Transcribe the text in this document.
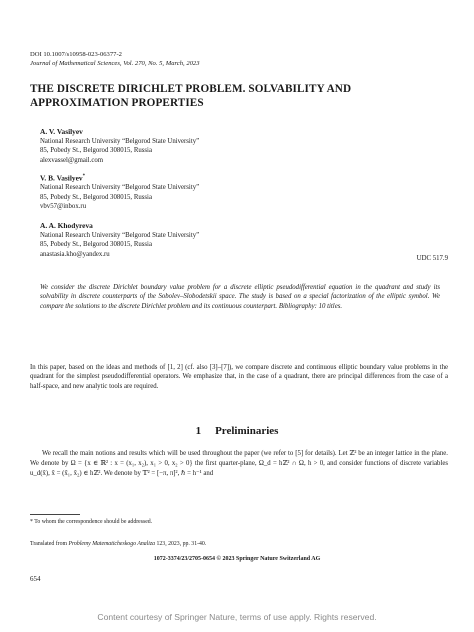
DOI 10.1007/s10958-023-06377-2
Journal of Mathematical Sciences, Vol. 270, No. 5, March, 2023
THE DISCRETE DIRICHLET PROBLEM. SOLVABILITY AND APPROXIMATION PROPERTIES
A. V. Vasilyev
National Research University “Belgorod State University”
85, Pobedy St., Belgorod 308015, Russia
alexvassel@gmail.com
V. B. Vasilyev*
National Research University “Belgorod State University”
85, Pobedy St., Belgorod 308015, Russia
vbv57@inbox.ru
A. A. Khodyreva
National Research University “Belgorod State University”
85, Pobedy St., Belgorod 308015, Russia
anastasia.kho@yandex.ru
UDC 517.9
We consider the discrete Dirichlet boundary value problem for a discrete elliptic pseudodifferential equation in the quadrant and study its solvability in discrete counterparts of the Sobolev–Slobodetskii space. The study is based on a special factorization of the elliptic symbol. We compare the solutions to the discrete Dirichlet problem and its continuous counterpart. Bibliography: 10 titles.
In this paper, based on the ideas and methods of [1, 2] (cf. also [3]–[7]), we compare discrete and continuous elliptic boundary value problems in the quadrant for the simplest pseudodifferential operators. We emphasize that, in the case of a quadrant, there are principal differences from the case of a half-space, and new analytic tools are required.
1 Preliminaries
We recall the main notions and results which will be used throughout the paper (we refer to [5] for details). Let ℤ² be an integer lattice in the plane. We denote by Ω = {x ∈ ℝ² : x = (x₁, x₂), x₁ > 0, x₂ > 0} the first quarter-plane, Ω_d = hℤ² ∩ Ω, h > 0, and consider functions of discrete variables u_d(x̃), x̃ = (x̃₁, x̃₂) ∈ hℤ². We denote by 𝕋² = [−π, π]², ℏ = h⁻¹ and
* To whom the correspondence should be addressed.
Translated from Problemy Matematicheskogo Analiza 123, 2023, pp. 31-40.
1072-3374/23/2705-0654 © 2023 Springer Nature Switzerland AG
654
Content courtesy of Springer Nature, terms of use apply. Rights reserved.
